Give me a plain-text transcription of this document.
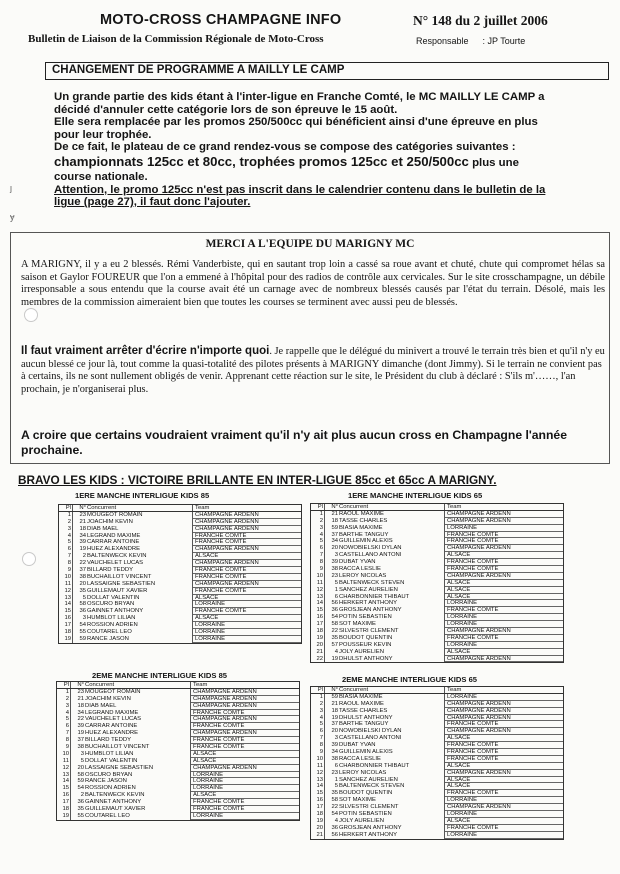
MOTO-CROSS CHAMPAGNE INFO	N° 148 du 2 juillet 2006
Bulletin de Liaison de la Commission Régionale de Moto-Cross	Responsable : JP Tourte
CHANGEMENT DE PROGRAMME A MAILLY LE CAMP
Un grande partie des kids étant à l'inter-ligue en Franche Comté, le MC MAILLY LE CAMP a
décidé d'annuler cette catégorie lors de son épreuve le 15 août.
Elle sera remplacée par les promos 250/500cc qui bénéficient ainsi d'une épreuve en plus
pour leur trophée.
De ce fait, le plateau de ce grand rendez-vous se compose des catégories suivantes :
championnats 125cc et 80cc, trophées promos 125cc et 250/500cc plus une
course nationale.
Attention, le promo 125cc n'est pas inscrit dans le calendrier contenu dans le bulletin de la
ligue (page 27), il faut donc l'ajouter.
MERCI A L'EQUIPE DU MARIGNY MC
A MARIGNY, il y a eu 2 blessés. Rémi Vanderbiste, qui en sautant trop loin a cassé sa roue avant et chuté, chute qui compromet hélas sa saison et Gaylor FOUREUR que l'on a emmené à l'hôpital pour des radios de contrôle aux cervicales. Sur le site crosschampagne, un débile irresponsable a sous entendu que la course avait été un carnage avec de nombreux blessés causés par l'état du terrain. Désolé, mais les membres de la commission aimeraient bien que toutes les courses se terminent avec aussi peu de blessés.
Il faut vraiment arrêter d'écrire n'importe quoi. Je rappelle que le délégué du minivert a trouvé le terrain très bien et qu'il n'y eu aucun blessé ce jour là, tout comme la quasi-totalité des pilotes présents à MARIGNY dimanche (dont Jimmy). Si le terrain ne convient pas à certains, ils ne sont nullement obligés de venir. Apprenant cette réaction sur le site, le Président du club à déclaré : S'ils m'……, l'an prochain, je n'organiserai plus.
A croire que certains voudraient vraiment qu'il n'y ait plus aucun cross en Champagne l'année prochaine.
BRAVO LES KIDS : VICTOIRE BRILLANTE EN INTER-LIGUE 85cc et 65cc A MARIGNY.
1ERE MANCHE INTERLIGUE KIDS 85
Pl	N° Concurrent	Team
1	23 MOUGEOT ROMAIN	CHAMPAGNE ARDENN
2	21 JOACHIM KEVIN	CHAMPAGNE ARDENN
3	18 DIAB MAEL	CHAMPAGNE ARDENN
4	34 LEGRAND MAXIME	FRANCHE COMTE
5	39 CARRAR ANTOINE	FRANCHE COMTE
6	19 HUEZ ALEXANDRE	CHAMPAGNE ARDENN
7	2 BALTENWECK KEVIN	ALSACE
8	22 VAUCHELET LUCAS	CHAMPAGNE ARDENN
9	37 BILLARD TEDDY	FRANCHE COMTE
10	38 BUCHAILLOT VINCENT	FRANCHE COMTE
11	20 LASSAIGNE SEBASTIEN	CHAMPAGNE ARDENN
12	35 GUILLEMAUT XAVIER	FRANCHE COMTE
13	5 DOLLAT VALENTIN	ALSACE
14	58 OSCURO BRYAN	LORRAINE
15	36 GAINNET ANTHONY	FRANCHE COMTE
16	3 HUMBLOT LILIAN	ALSACE
17	54 ROSSION ADRIEN	LORRAINE
18	55 COUTAREL LEO	LORRAINE
19	59 RANCE JASON	LORRAINE
1ERE MANCHE INTERLIGUE KIDS 65
Pl	N° Concurrent	Team
1	21 RAOUL MAXIME	CHAMPAGNE ARDENN
2	18 TASSE CHARLES	CHAMPAGNE ARDENN
3	59 BIASIA MAXIME	LORRAINE
4	37 BARTHE TANGUY	FRANCHE COMTE
5	34 GUILLEMIN ALEXIS	FRANCHE COMTE
6	20 NOWOBIELSKI DYLAN	CHAMPAGNE ARDENN
7	3 CASTELLANO ANTONI	ALSACE
8	39 DUBAT YVAN	FRANCHE COMTE
9	38 RACCA LESLIE	FRANCHE COMTE
10	23 LEROY NICOLAS	CHAMPAGNE ARDENN
11	5 BALTENWECK STEVEN	ALSACE
12	1 SANCHEZ AURELIEN	ALSACE
13	6 CHARBONNIER THIBAUT	ALSACE
14	56 HERKERT ANTHONY	LORRAINE
15	36 GROSJEAN ANTHONY	FRANCHE COMTE
16	54 POTIN SEBASTIEN	LORRAINE
17	58 SOT MAXIME	LORRAINE
18	22 SILVESTRI CLEMENT	CHAMPAGNE ARDENN
19	35 BOUDOT QUENTIN	FRANCHE COMTE
20	57 POUSSEUR KEVIN	LORRAINE
21	4 JOLY AURELIEN	ALSACE
22	19 DHULST ANTHONY	CHAMPAGNE ARDENN
2EME MANCHE INTERLIGUE KIDS 85
Pl	N° Concurrent	Team
1	23 MOUGEOT ROMAIN	CHAMPAGNE ARDENN
2	21 JOACHIM KEVIN	CHAMPAGNE ARDENN
3	18 DIAB MAEL	CHAMPAGNE ARDENN
4	34 LEGRAND MAXIME	FRANCHE COMTE
5	22 VAUCHELET LUCAS	CHAMPAGNE ARDENN
6	39 CARRAR ANTOINE	FRANCHE COMTE
7	19 HUEZ ALEXANDRE	CHAMPAGNE ARDENN
8	37 BILLARD TEDDY	FRANCHE COMTE
9	38 BUCHAILLOT VINCENT	FRANCHE COMTE
10	3 HUMBLOT LILIAN	ALSACE
11	5 DOLLAT VALENTIN	ALSACE
12	20 LASSAIGNE SEBASTIEN	CHAMPAGNE ARDENN
13	58 OSCURO BRYAN	LORRAINE
14	59 RANCE JASON	LORRAINE
15	54 ROSSION ADRIEN	LORRAINE
16	2 BALTENWECK KEVIN	ALSACE
17	36 GAINNET ANTHONY	FRANCHE COMTE
18	35 GUILLEMAUT XAVIER	FRANCHE COMTE
19	55 COUTAREL LEO	LORRAINE
2EME MANCHE INTERLIGUE KIDS 65
Pl	N° Concurrent	Team
1	59 BIASIA MAXIME	LORRAINE
2	21 RAOUL MAXIME	CHAMPAGNE ARDENN
3	18 TASSE CHARLES	CHAMPAGNE ARDENN
4	19 DHULST ANTHONY	CHAMPAGNE ARDENN
5	37 BARTHE TANGUY	FRANCHE COMTE
6	20 NOWOBIELSKI DYLAN	CHAMPAGNE ARDENN
7	3 CASTELLANO ANTONI	ALSACE
8	39 DUBAT YVAN	FRANCHE COMTE
9	34 GUILLEMIN ALEXIS	FRANCHE COMTE
10	38 RACCA LESLIE	FRANCHE COMTE
11	6 CHARBONNIER THIBAUT	ALSACE
12	23 LEROY NICOLAS	CHAMPAGNE ARDENN
13	1 SANCHEZ AURELIEN	ALSACE
14	5 BALTENWECK STEVEN	ALSACE
15	35 BOUDOT QUENTIN	FRANCHE COMTE
16	58 SOT MAXIME	LORRAINE
17	22 SILVESTRI CLEMENT	CHAMPAGNE ARDENN
18	54 POTIN SEBASTIEN	LORRAINE
19	4 JOLY AURELIEN	ALSACE
20	36 GROSJEAN ANTHONY	FRANCHE COMTE
21	56 HERKERT ANTHONY	LORRAINE
ȷ
ɏ
